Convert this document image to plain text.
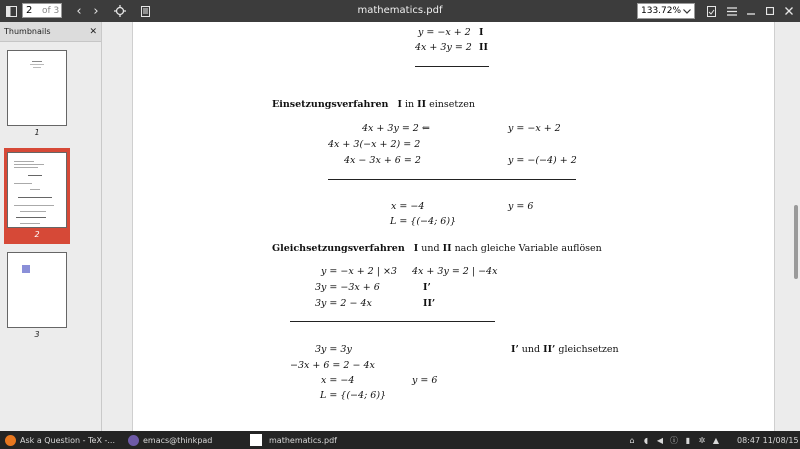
2	of 3	‹ ›	mathematics.pdf	133.72%
Thumbnails	✕
1
2
3
y = −x + 2 I
4x + 3y = 2 II
Einsetzungsverfahren I in II einsetzen
4x + 3y = 2 ⇐
4x + 3(−x + 2) = 2
4x − 3x + 6 = 2
y = −x + 2
y = −(−4) + 2
x = −4	y = 6
L = {(−4; 6)}
Gleichsetzungsverfahren I und II nach gleiche Variable auflösen
y = −x + 2 | ×3
3y = −3x + 6
3y = 2 − 4x
4x + 3y = 2 | −4x
I’
II’
3y = 3y
−3x + 6 = 2 − 4x
x = −4	y = 6
L = {(−4; 6)}
I’ und II’ gleichsetzen
Ask a Question - TeX -...	emacs@thinkpad	mathematics.pdf	⌂	◖	◀ ⓘ ▮	✲ ▲	08:47 11/08/15
